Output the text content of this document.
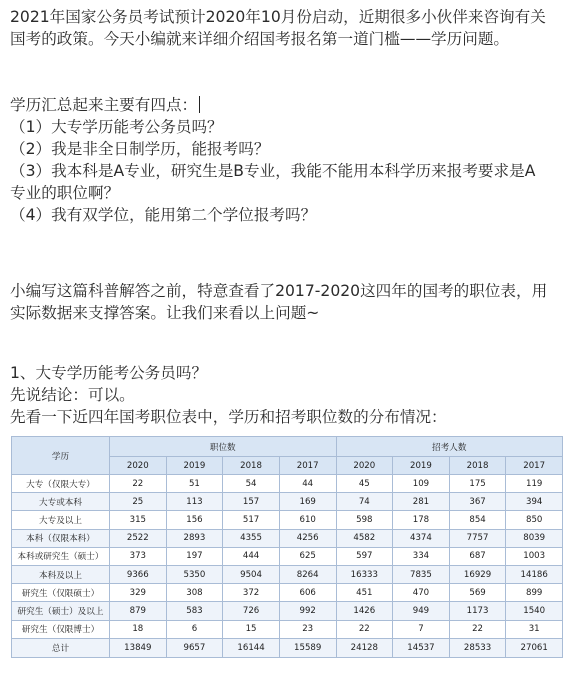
2021年国家公务员考试预计2020年10月份启动，近期很多小伙伴来咨询有关
国考的政策。今天小编就来详细介绍国考报名第一道门槛——学历问题。
学历汇总起来主要有四点：
（1）大专学历能考公务员吗？
（2）我是非全日制学历，能报考吗？
（3）我本科是A专业，研究生是B专业，我能不能用本科学历来报考要求是A
专业的职位啊？
（4）我有双学位，能用第二个学位报考吗？
小编写这篇科普解答之前，特意查看了2017-2020这四年的国考的职位表，用
实际数据来支撑答案。让我们来看以上问题~
1、大专学历能考公务员吗？
先说结论：可以。
先看一下近四年国考职位表中，学历和招考职位数的分布情况：
学历	职位数				招考人数			
	2020	2019	2018	2017	2020	2019	2018	2017
大专（仅限大专）	22	51	54	44	45	109	175	119
大专或本科	25	113	157	169	74	281	367	394
大专及以上	315	156	517	610	598	178	854	850
本科（仅限本科）	2522	2893	4355	4256	4582	4374	7757	8039
本科或研究生（硕士）	373	197	444	625	597	334	687	1003
本科及以上	9366	5350	9504	8264	16333	7835	16929	14186
研究生（仅限硕士）	329	308	372	606	451	470	569	899
研究生（硕士）及以上	879	583	726	992	1426	949	1173	1540
研究生（仅限博士）	18	6	15	23	22	7	22	31
总计	13849	9657	16144	15589	24128	14537	28533	27061
